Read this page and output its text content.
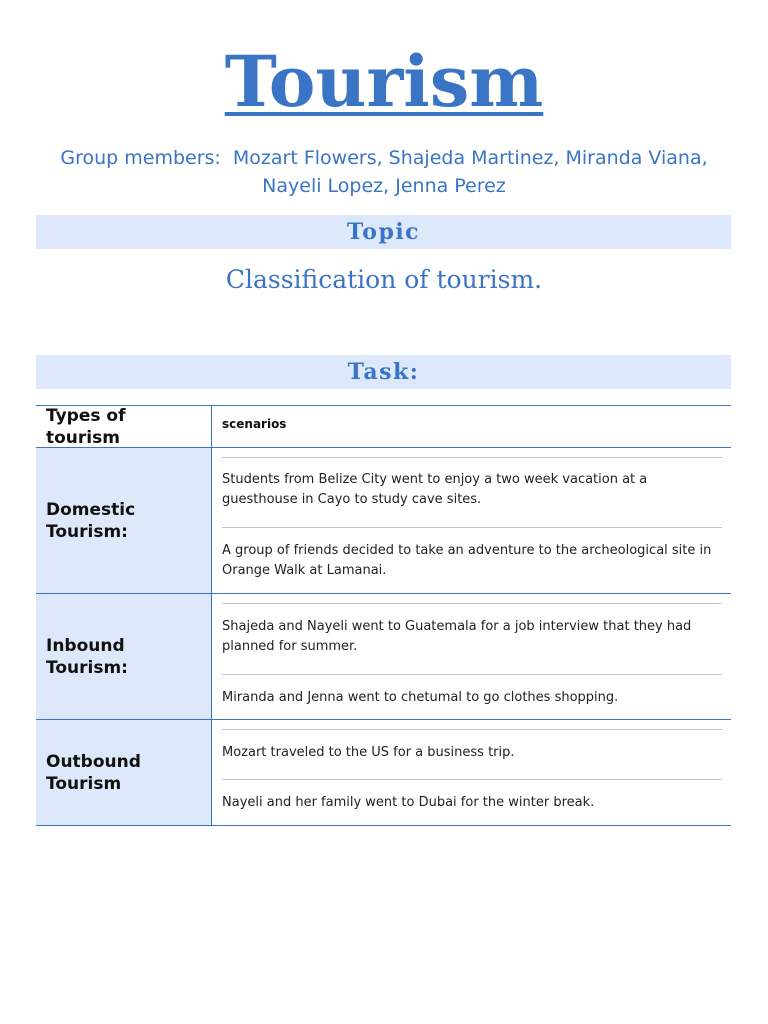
Tourism
Group members:  Mozart Flowers, Shajeda Martinez, Miranda Viana,
Nayeli Lopez, Jenna Perez
Topic
Classification of tourism.
Task:
Types of tourism
scenarios
Domestic Tourism:
Students from Belize City went to enjoy a two week vacation at a guesthouse in Cayo to study cave sites.
A group of friends decided to take an adventure to the archeological site in Orange Walk at Lamanai.
Inbound Tourism:
Shajeda and Nayeli went to Guatemala for a job interview that they had planned for summer.
Miranda and Jenna went to chetumal to go clothes shopping.
Outbound Tourism
Mozart traveled to the US for a business trip.
Nayeli and her family went to Dubai for the winter break.
